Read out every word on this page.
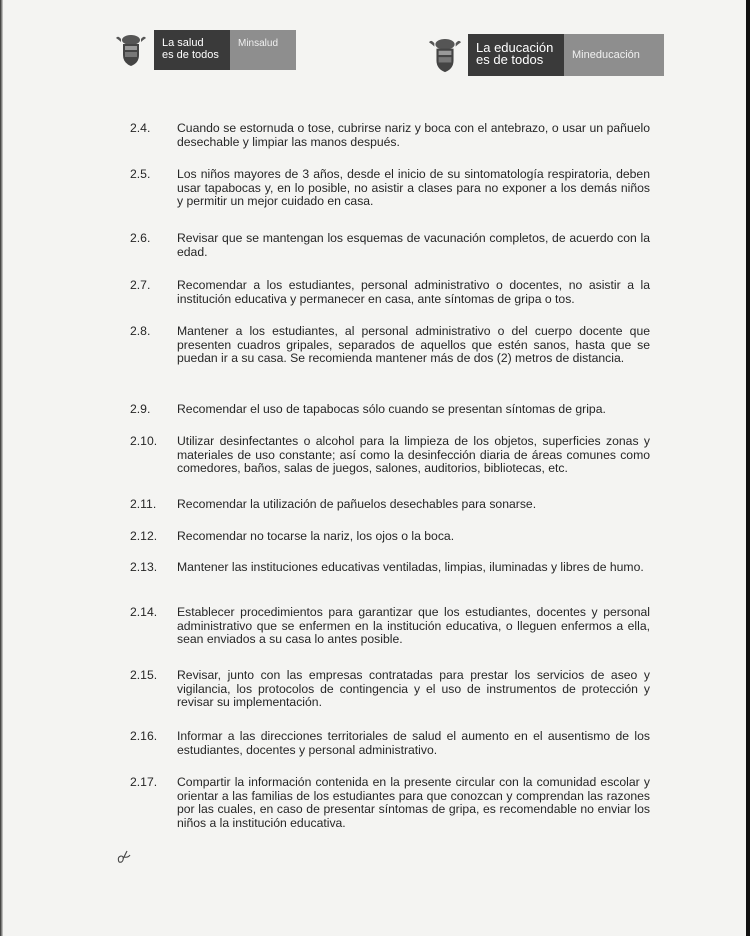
La salud
es de todos
Minsalud	La educación
es de todos	Mineducación
2.4.	Cuando se estornuda o tose, cubrirse nariz y boca con el antebrazo, o usar un pañuelo desechable y limpiar las manos después.
2.5.	Los niños mayores de 3 años, desde el inicio de su sintomatología respiratoria, deben usar tapabocas y, en lo posible, no asistir a clases para no exponer a los demás niños y permitir un mejor cuidado en casa.
2.6.	Revisar que se mantengan los esquemas de vacunación completos, de acuerdo con la edad.
2.7.	Recomendar a los estudiantes, personal administrativo o docentes, no asistir a la institución educativa y permanecer en casa, ante síntomas de gripa o tos.
2.8.	Mantener a los estudiantes, al personal administrativo o del cuerpo docente que presenten cuadros gripales, separados de aquellos que estén sanos, hasta que se puedan ir a su casa. Se recomienda mantener más de dos (2) metros de distancia.
2.9.	Recomendar el uso de tapabocas sólo cuando se presentan síntomas de gripa.
2.10.	Utilizar desinfectantes o alcohol para la limpieza de los objetos, superficies zonas y materiales de uso constante; así como la desinfección diaria de áreas comunes como comedores, baños, salas de juegos, salones, auditorios, bibliotecas, etc.
2.11.	Recomendar la utilización de pañuelos desechables para sonarse.
2.12.	Recomendar no tocarse la nariz, los ojos o la boca.
2.13.	Mantener las instituciones educativas ventiladas, limpias, iluminadas y libres de humo.
2.14.	Establecer procedimientos para garantizar que los estudiantes, docentes y personal administrativo que se enfermen en la institución educativa, o lleguen enfermos a ella, sean enviados a su casa lo antes posible.
2.15.	Revisar, junto con las empresas contratadas para prestar los servicios de aseo y vigilancia, los protocolos de contingencia y el uso de instrumentos de protección y revisar su implementación.
2.16.	Informar a las direcciones territoriales de salud el aumento en el ausentismo de los estudiantes, docentes y personal administrativo.
2.17.	Compartir la información contenida en la presente circular con la comunidad escolar y orientar a las familias de los estudiantes para que conozcan y comprendan las razones por las cuales, en caso de presentar síntomas de gripa, es recomendable no enviar los niños a la institución educativa.
